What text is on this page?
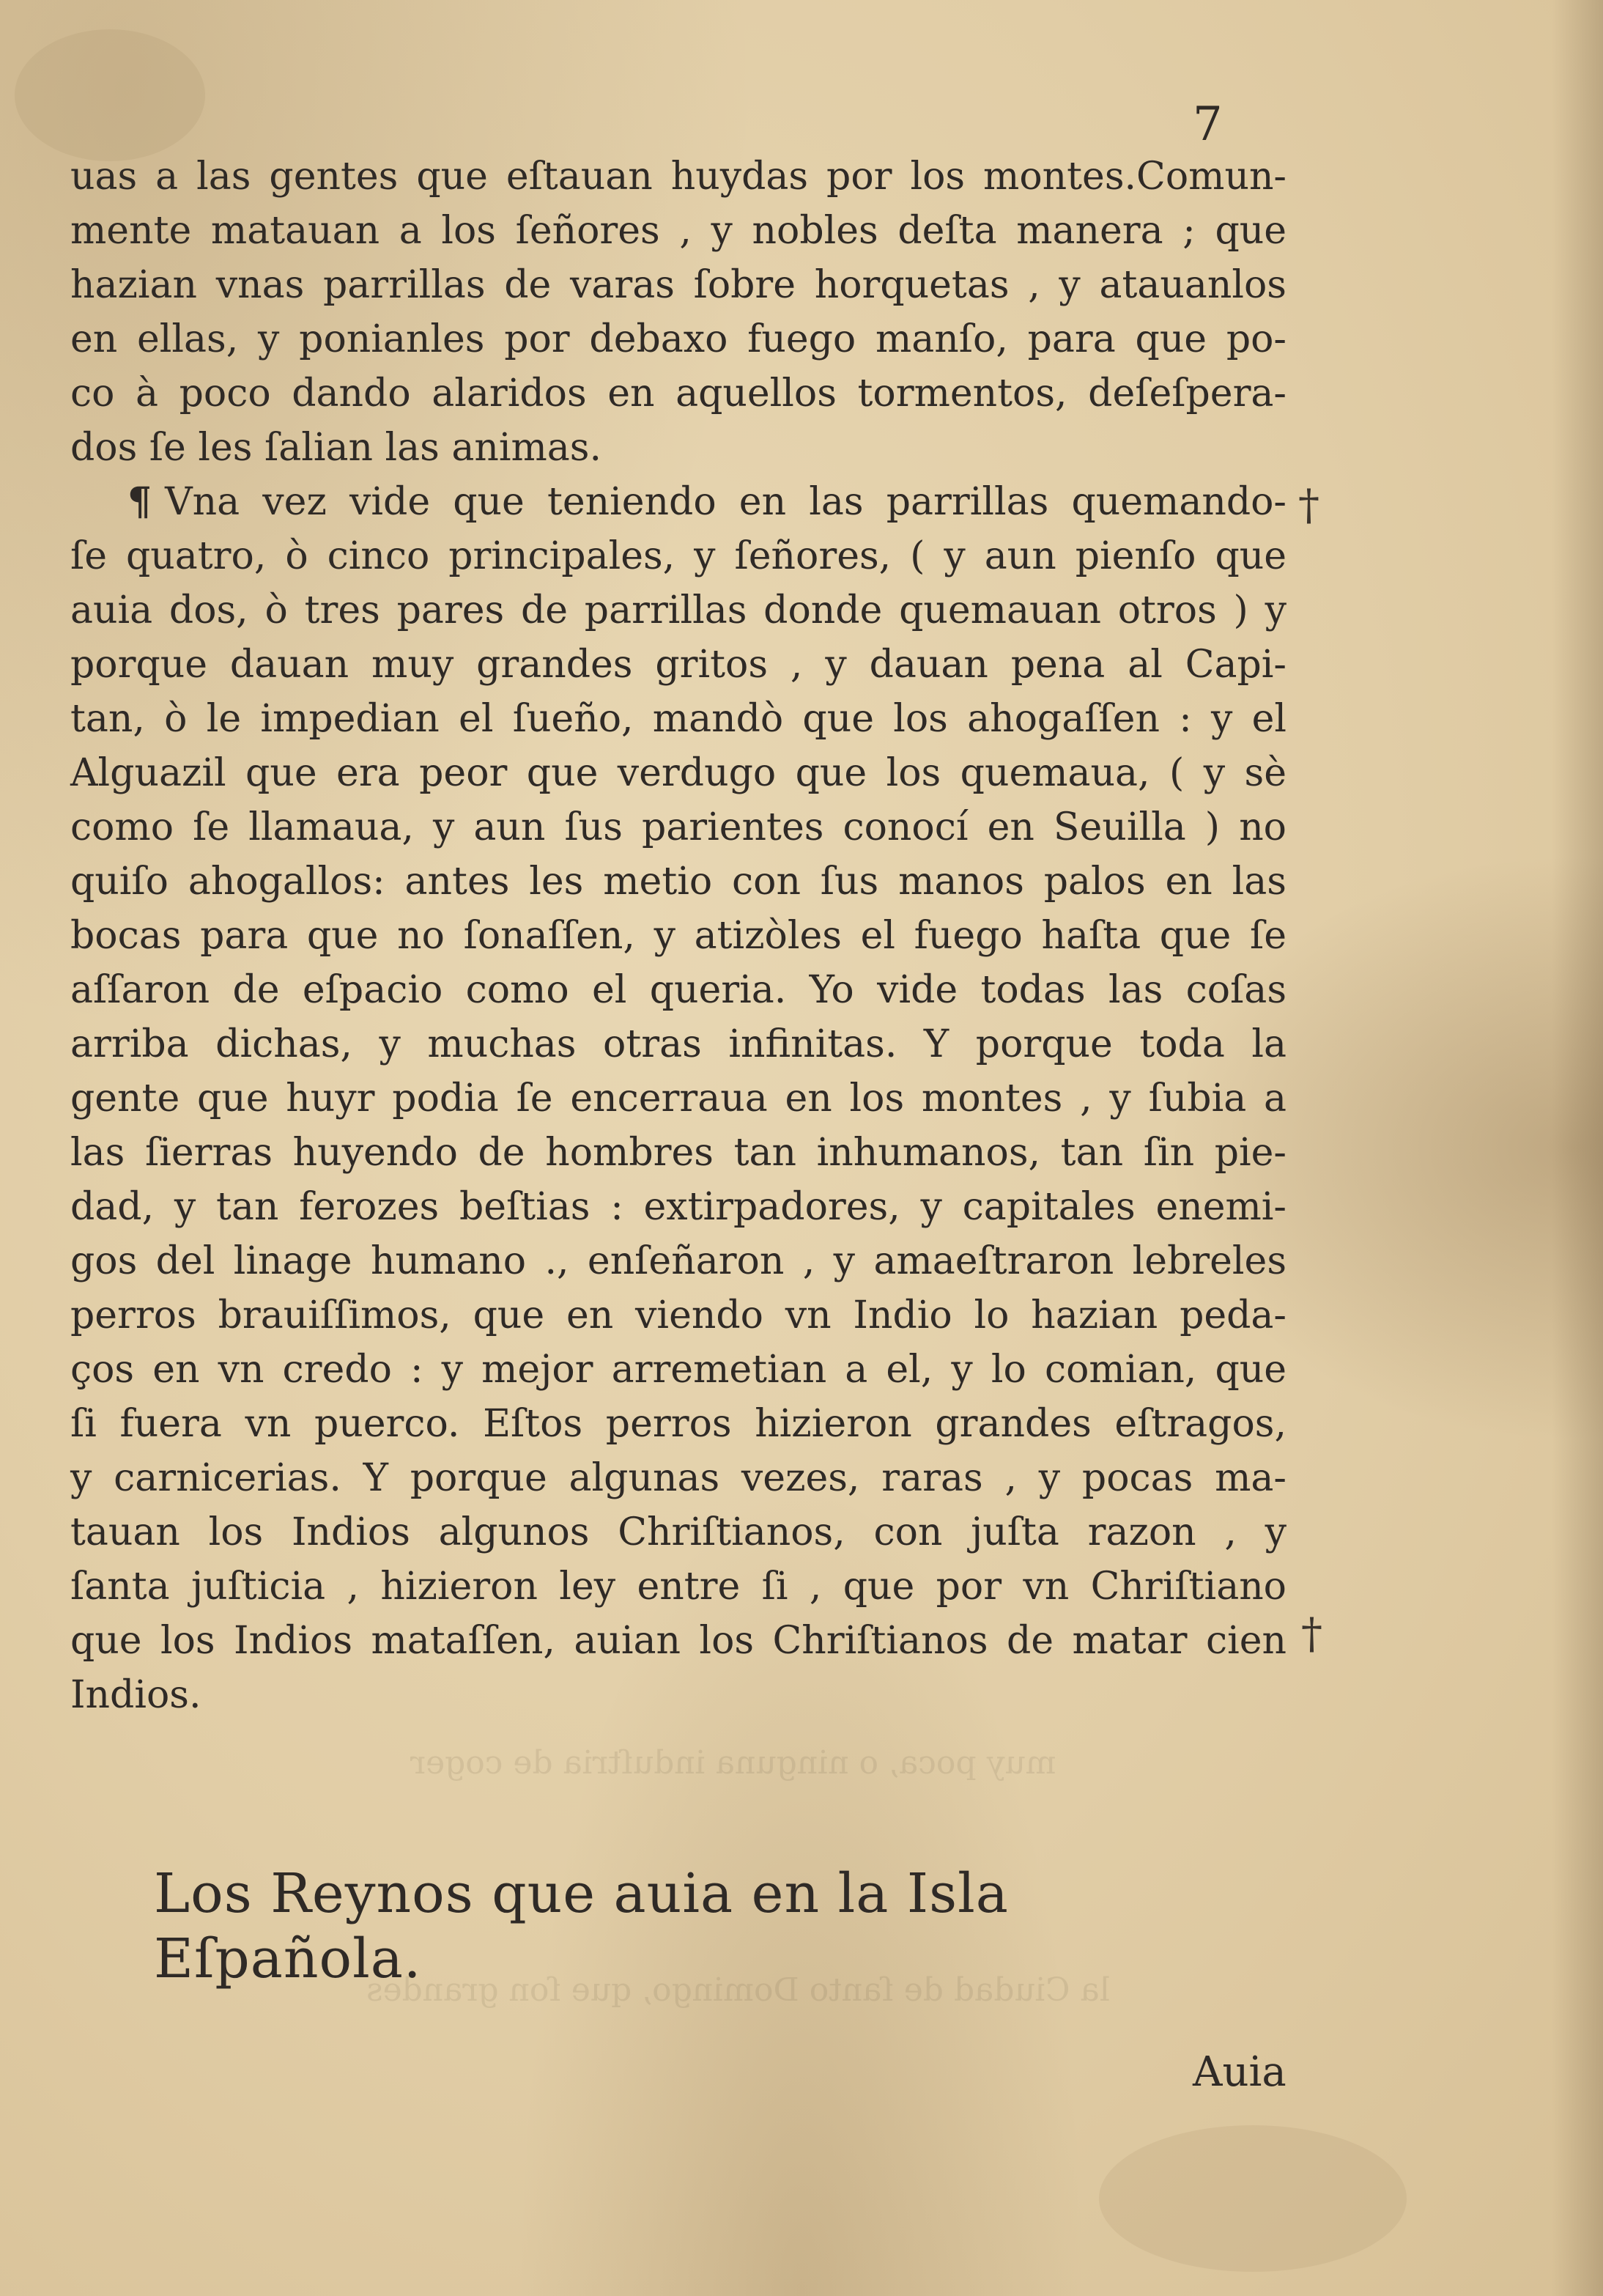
muy poca, o ninguna induſtria de coger
la Ciudad de ſanto Domingo, que ſon grandes
7
uas a las gentes que eſtauan huydas por los montes.Comun-
mente matauan a los ſeñores , y nobles deſta manera ; que
hazian vnas parrillas de varas ſobre horquetas , y atauanlos
en ellas, y ponianles por debaxo fuego manſo, para que po-
co à poco dando alaridos en aquellos tormentos, deſeſpera-
dos ſe les ſalian las animas.
¶ Vna vez vide que teniendo en las parrillas quemando-
ſe quatro, ò cinco principales, y ſeñores, ( y aun pienſo que
auia dos, ò tres pares de parrillas donde quemauan otros ) y
porque dauan muy grandes gritos , y dauan pena al Capi-
tan, ò le impedian el ſueño, mandò que los ahogaſſen : y el
Alguazil que era peor que verdugo que los quemaua, ( y sè
como ſe llamaua, y aun ſus parientes conocí en Seuilla ) no
quiſo ahogallos: antes les metio con ſus manos palos en las
bocas para que no ſonaſſen, y atizòles el fuego haſta que ſe
aſſaron de eſpacio como el queria. Yo vide todas las coſas
arriba dichas, y muchas otras infinitas. Y porque toda la
gente que huyr podia ſe encerraua en los montes , y ſubia a
las ſierras huyendo de hombres tan inhumanos, tan ſin pie-
dad, y tan ferozes beſtias : extirpadores, y capitales enemi-
gos del linage humano ., enſeñaron , y amaeſtraron lebreles
perros brauiſſimos, que en viendo vn Indio lo hazian peda-
ços en vn credo : y mejor arremetian a el, y lo comian, que
ſi fuera vn puerco. Eſtos perros hizieron grandes eſtragos,
y carnicerias. Y porque algunas vezes, raras , y pocas ma-
tauan los Indios algunos Chriſtianos, con juſta razon , y
ſanta juſticia , hizieron ley entre ſi , que por vn Chriſtiano
que los Indios mataſſen, auian los Chriſtianos de matar cien
Indios.
†
†
Los Reynos que auia en la Isla Eſpañola.
Auia
